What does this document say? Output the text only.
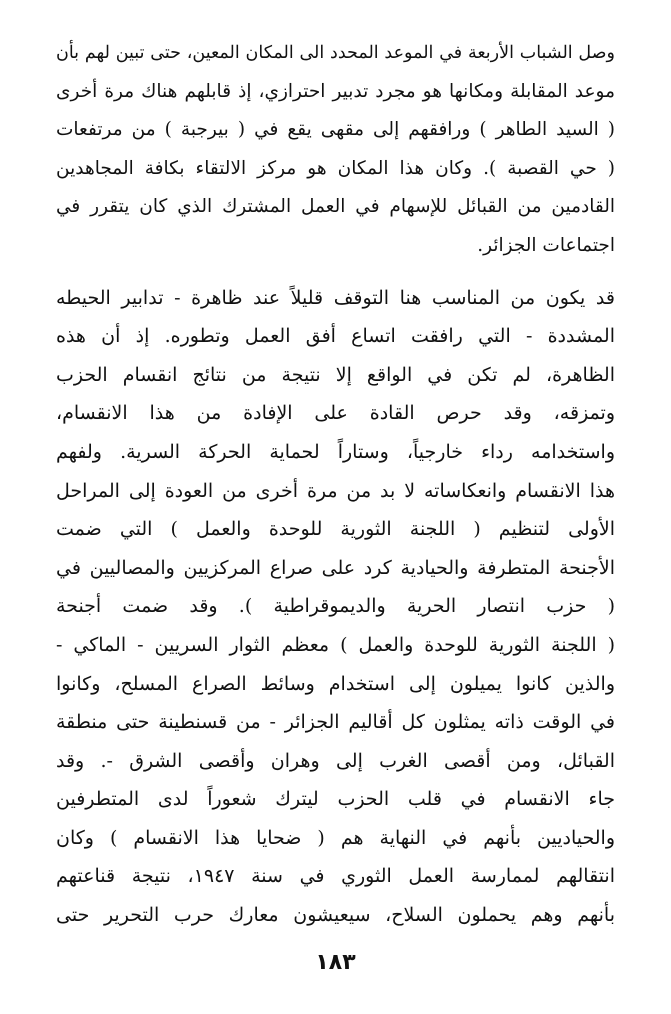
وصل الشباب الأربعة في الموعد المحدد الى المكان المعين، حتى تبين لهم بأن
موعد المقابلة ومكانها هو مجرد تدبير احترازي، إذ قابلهم هناك مرة أخرى
( السيد الطاهر ) ورافقهم إلى مقهى يقع في ( بيرجبة ) من مرتفعات
( حي القصبة ). وكان هذا المكان هو مركز الالتقاء بكافة المجاهدين
القادمين من القبائل للإسهام في العمل المشترك الذي كان يتقرر في
اجتماعات الجزائر.
قد يكون من المناسب هنا التوقف قليلاً عند ظاهرة - تدابير الحيطه
المشددة - التي رافقت اتساع أفق العمل وتطوره. إذ أن هذه
الظاهرة، لم تكن في الواقع إلا نتيجة من نتائج انقسام الحزب
وتمزقه، وقد حرص القادة على الإفادة من هذا الانقسام،
واستخدامه رداء خارجياً، وستاراً لحماية الحركة السرية. ولفهم
هذا الانقسام وانعكاساته لا بد من مرة أخرى من العودة إلى المراحل
الأولى لتنظيم ( اللجنة الثورية للوحدة والعمل ) التي ضمت
الأجنحة المتطرفة والحيادية كرد على صراع المركزيين والمصاليين في
( حزب انتصار الحرية والديموقراطية ). وقد ضمت أجنحة
( اللجنة الثورية للوحدة والعمل ) معظم الثوار السريين - الماكي -
والذين كانوا يميلون إلى استخدام وسائط الصراع المسلح، وكانوا
في الوقت ذاته يمثلون كل أقاليم الجزائر - من قسنطينة حتى منطقة
القبائل، ومن أقصى الغرب إلى وهران وأقصى الشرق -. وقد
جاء الانقسام في قلب الحزب ليترك شعوراً لدى المتطرفين
والحياديين بأنهم في النهاية هم ( ضحايا هذا الانقسام ) وكان
انتقالهم لممارسة العمل الثوري في سنة ١٩٤٧، نتيجة قناعتهم
بأنهم وهم يحملون السلاح، سيعيشون معارك حرب التحرير حتى
١٨٣
